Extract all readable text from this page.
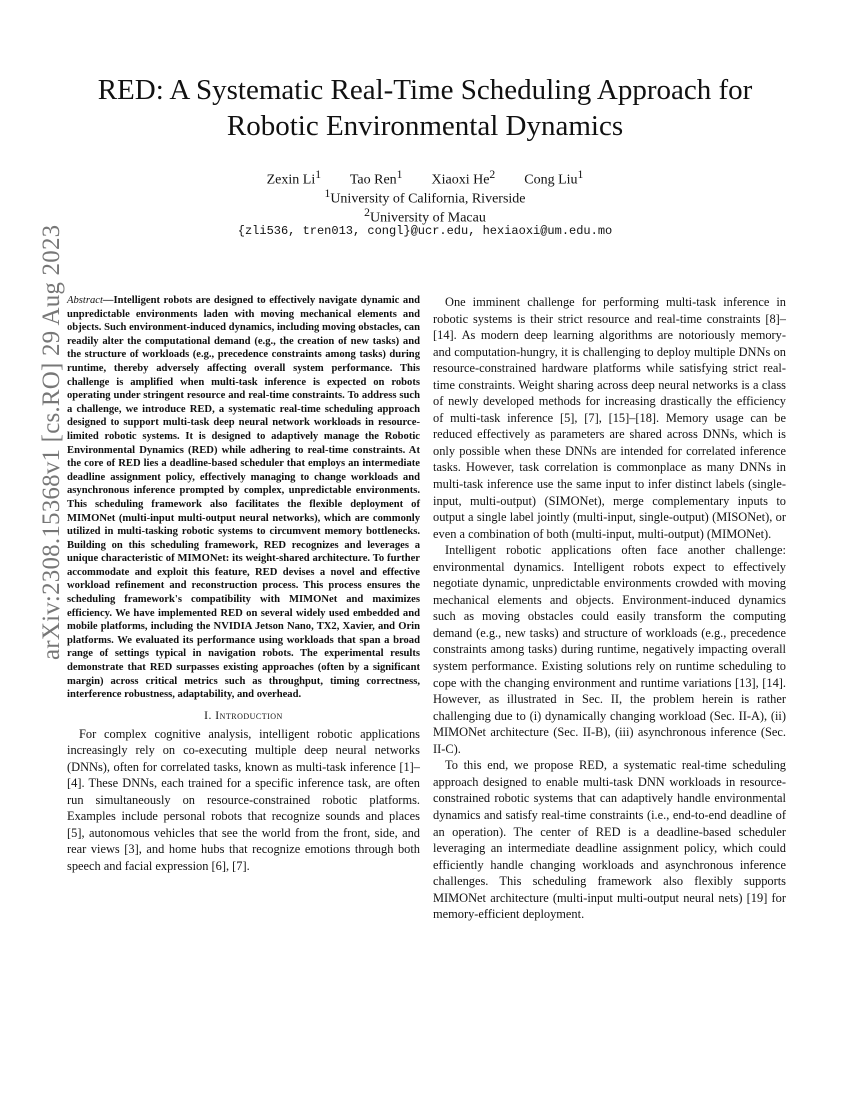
RED: A Systematic Real-Time Scheduling Approach for Robotic Environmental Dynamics
Zexin Li$^1$ Tao Ren$^1$ Xiaoxi He$^2$ Cong Liu$^1$
$^1$University of California, Riverside
$^2$University of Macau
{zli536, tren013, congl}@ucr.edu, hexiaoxi@um.edu.mo
arXiv:2308.15368v1 [cs.RO] 29 Aug 2023 Abstract—Intelligent robots are designed to effectively navigate dynamic and unpredictable environments laden with moving mechanical elements and objects. Such environment-induced dynamics, including moving obstacles, can readily alter the computational demand (e.g., the creation of new tasks) and the structure of workloads (e.g., precedence constraints among tasks) during runtime, thereby adversely affecting overall system performance. This challenge is amplified when multi-task inference is expected on robots operating under stringent resource and real-time constraints. To address such a challenge, we introduce RED, a systematic real-time scheduling approach designed to support multi-task deep neural network workloads in resource-limited robotic systems. It is designed to adaptively manage the Robotic Environmental Dynamics (RED) while adhering to real-time constraints. At the core of RED lies a deadline-based scheduler that employs an intermediate deadline assignment policy, effectively managing to change workloads and asynchronous inference prompted by complex, unpredictable environments. This scheduling framework also facilitates the flexible deployment of MIMONet (multi-input multi-output neural networks), which are commonly utilized in multi-tasking robotic systems to circumvent memory bottlenecks. Building on this scheduling framework, RED recognizes and leverages a unique characteristic of MIMONet: its weight-shared architecture. To further accommodate and exploit this feature, RED devises a novel and effective workload refinement and reconstruction process. This process ensures the scheduling framework's compatibility with MIMONet and maximizes efficiency. We have implemented RED on several widely used embedded and mobile platforms, including the NVIDIA Jetson Nano, TX2, Xavier, and Orin platforms. We evaluated its performance using workloads that span a broad range of settings typical in navigation robots. The experimental results demonstrate that RED surpasses existing approaches (often by a significant margin) across critical metrics such as throughput, timing correctness, interference robustness, adaptability, and overhead.

I. Introduction

For complex cognitive analysis, intelligent robotic applications increasingly rely on co-executing multiple deep neural networks (DNNs), often for correlated tasks, known as multi-task inference [1]–[4]. These DNNs, each trained for a specific inference task, are often run simultaneously on resource-constrained robotic platforms. Examples include personal robots that recognize sounds and places [5], autonomous vehicles that see the world from the front, side, and rear views [3], and home hubs that recognize emotions through both speech and facial expression [6], [7].

One imminent challenge for performing multi-task inference in robotic systems is their strict resource and real-time constraints [8]–[14]. As modern deep learning algorithms are notoriously memory- and computation-hungry, it is challenging to deploy multiple DNNs on resource-constrained hardware platforms while satisfying strict real-time constraints. Weight sharing across deep neural networks is a class of newly developed methods for increasing drastically the efficiency of multi-task inference [5], [7], [15]–[18]. Memory usage can be reduced effectively as parameters are shared across DNNs, which is only possible when these DNNs are intended for correlated inference tasks. However, task correlation is commonplace as many DNNs in multi-task inference use the same input to infer distinct labels (single-input, multi-output) (SIMONet), merge complementary inputs to output a single label jointly (multi-input, single-output) (MISONet), or even a combination of both (multi-input, multi-output) (MIMONet).

Intelligent robotic applications often face another challenge: environmental dynamics. Intelligent robots expect to effectively negotiate dynamic, unpredictable environments crowded with moving mechanical elements and objects. Environment-induced dynamics such as moving obstacles could easily transform the computing demand (e.g., new tasks) and structure of workloads (e.g., precedence constraints among tasks) during runtime, negatively impacting overall system performance. Existing solutions rely on runtime scheduling to cope with the changing environment and runtime variations [13], [14]. However, as illustrated in Sec. II, the problem herein is rather challenging due to (i) dynamically changing workload (Sec. II-A), (ii) MIMONet architecture (Sec. II-B), (iii) asynchronous inference (Sec. II-C).

To this end, we propose RED, a systematic real-time scheduling approach designed to enable multi-task DNN workloads in resource-constrained robotic systems that can adaptively handle environmental dynamics and satisfy real-time constraints (i.e., end-to-end deadline of an operation). The center of RED is a deadline-based scheduler leveraging an intermediate deadline assignment policy, which could efficiently handle changing workloads and asynchronous inference challenges. This scheduling framework also flexibly supports MIMONet architecture (multi-input multi-output neural nets) [19] for memory-efficient deployment.
